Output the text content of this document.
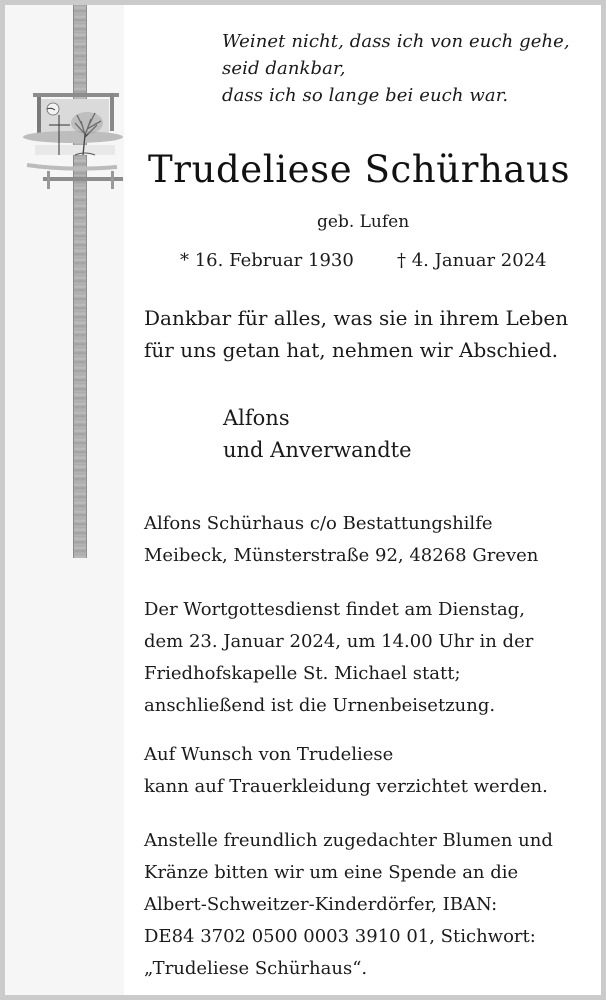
Weinet nicht, dass ich von euch gehe,
seid dankbar,
dass ich so lange bei euch war.
Trudeliese Schürhaus
geb. Lufen
* 16. Februar 1930 † 4. Januar 2024
Dankbar für alles, was sie in ihrem Leben
für uns getan hat, nehmen wir Abschied.
Alfons
und Anverwandte
Alfons Schürhaus c/o Bestattungshilfe
Meibeck, Münsterstraße 92, 48268 Greven
Der Wortgottesdienst findet am Dienstag,
dem 23. Januar 2024, um 14.00 Uhr in der
Friedhofskapelle St. Michael statt;
anschließend ist die Urnenbeisetzung.
Auf Wunsch von Trudeliese
kann auf Trauerkleidung verzichtet werden.
Anstelle freundlich zugedachter Blumen und
Kränze bitten wir um eine Spende an die
Albert-Schweitzer-Kinderdörfer, IBAN:
DE84 3702 0500 0003 3910 01, Stichwort:
„Trudeliese Schürhaus“.
